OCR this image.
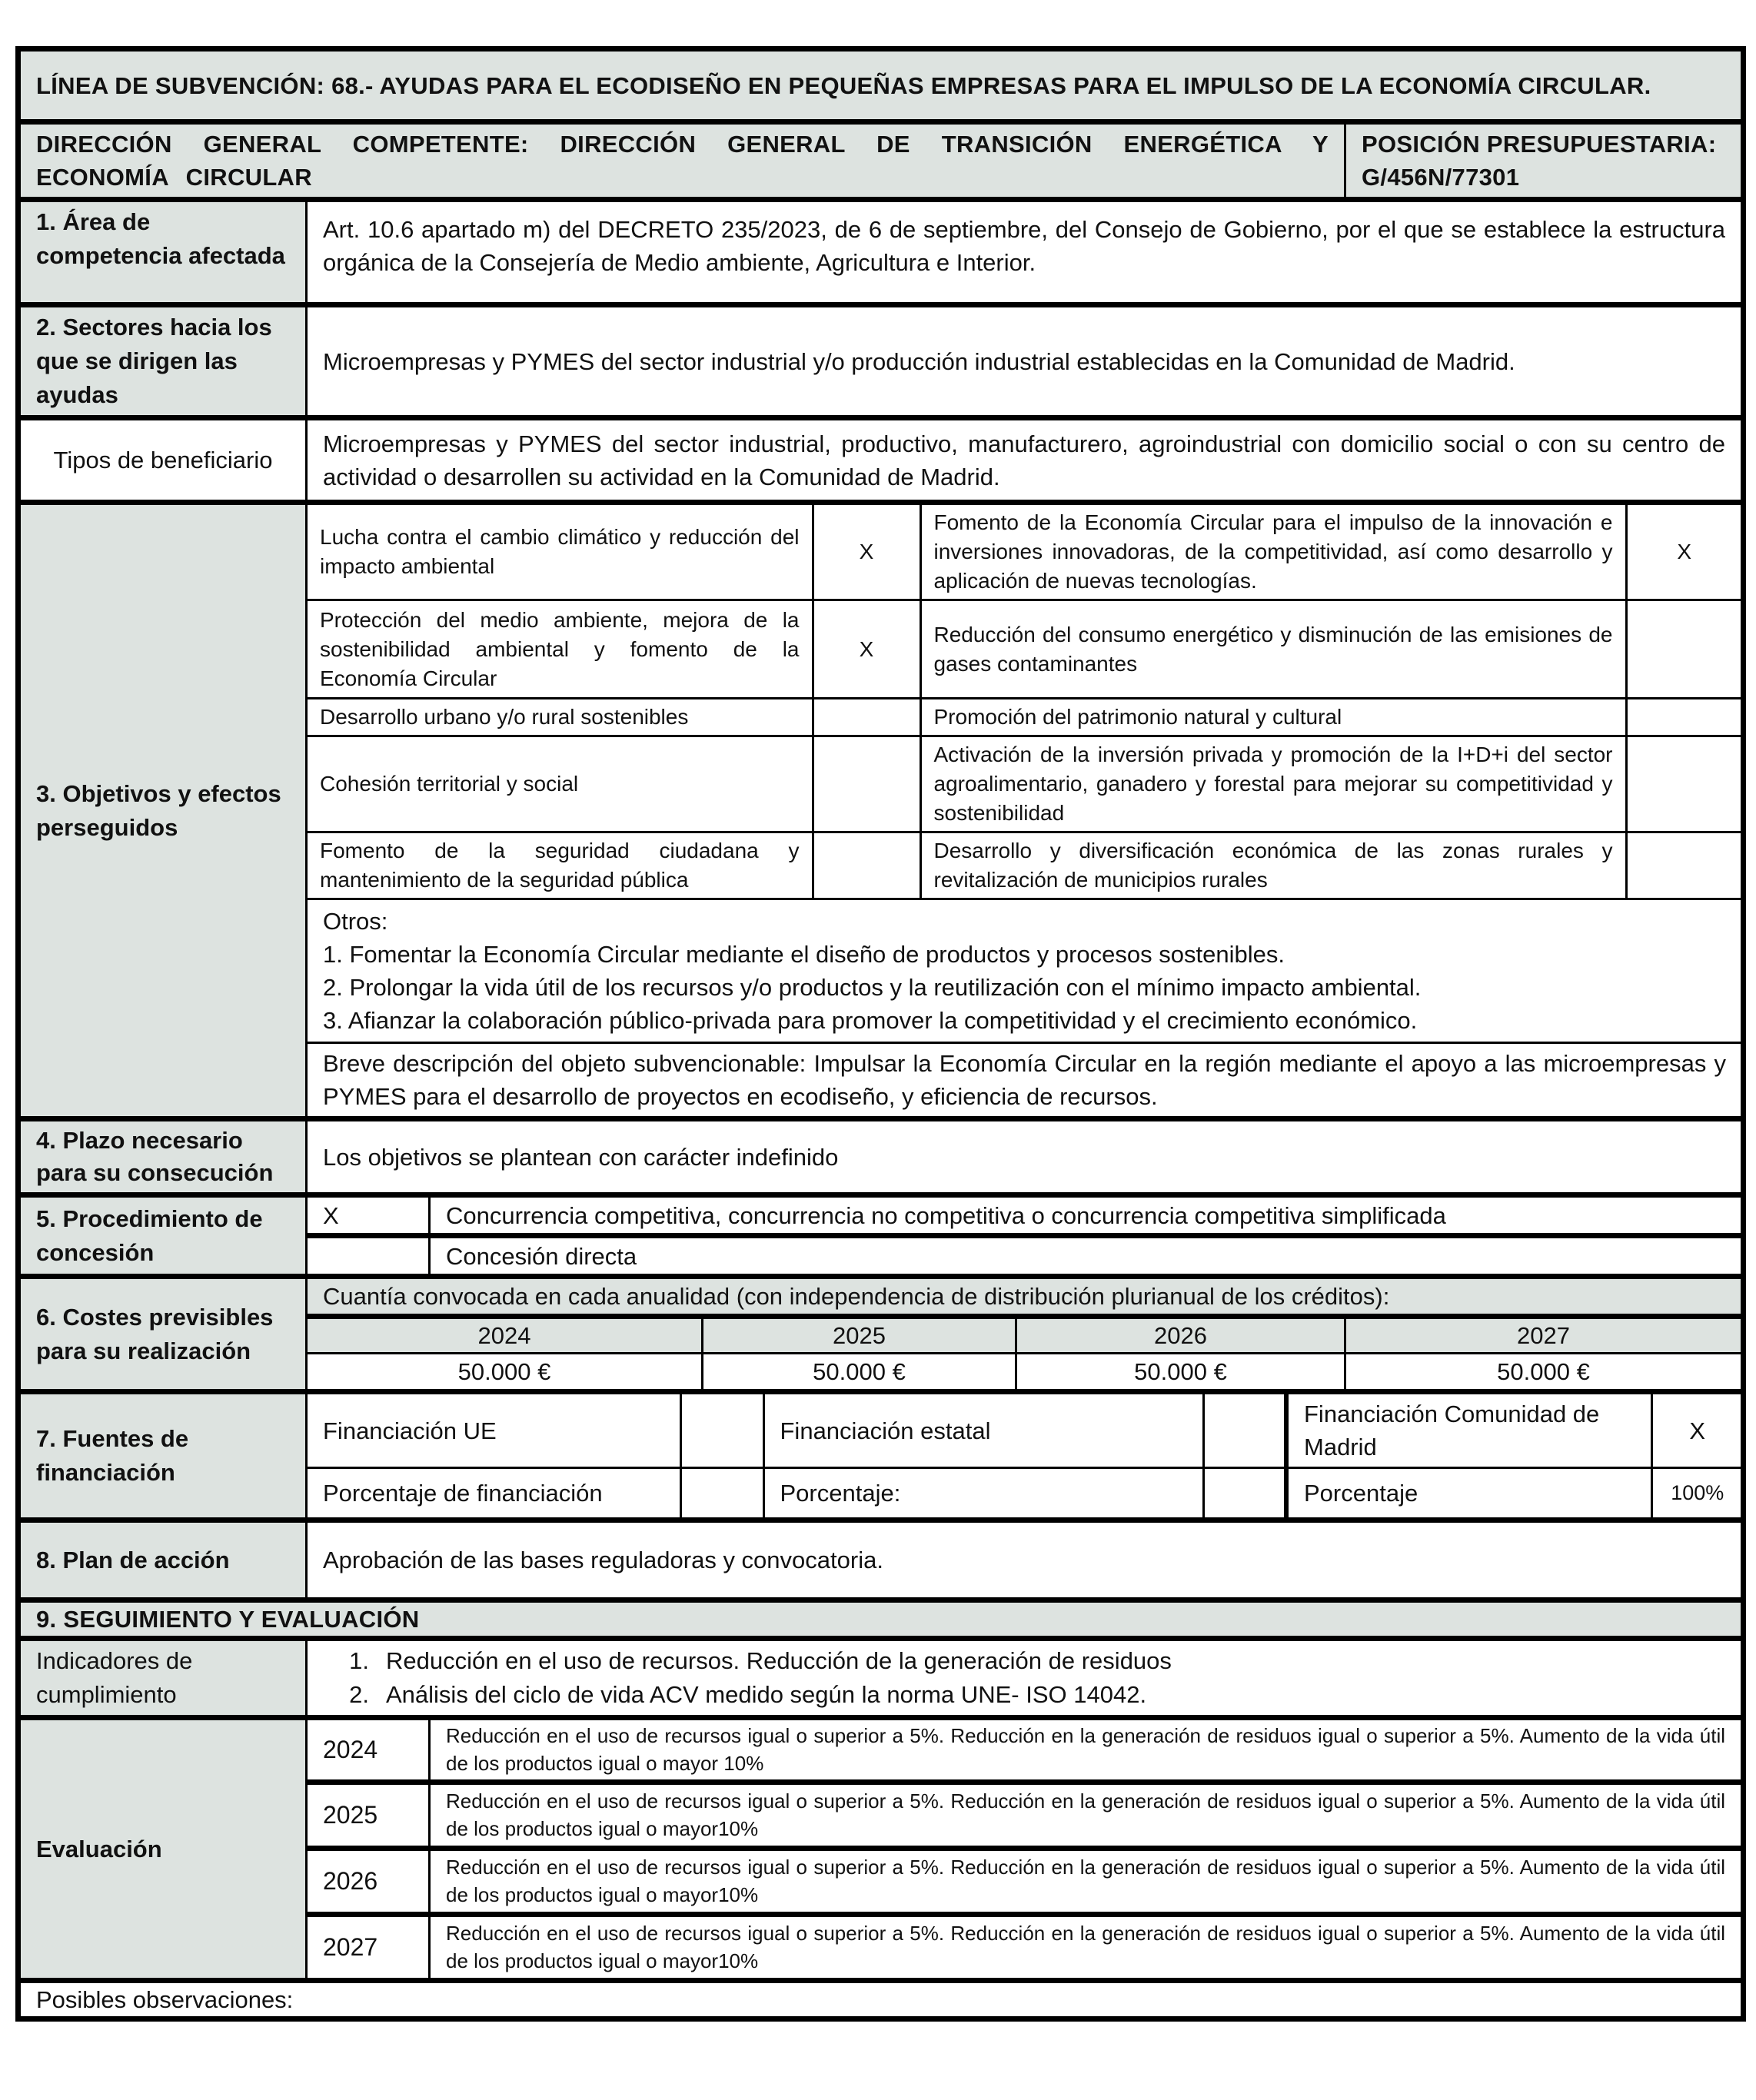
LÍNEA DE SUBVENCIÓN: 68.- AYUDAS PARA EL ECODISEÑO EN PEQUEÑAS EMPRESAS PARA EL IMPULSO DE LA ECONOMÍA CIRCULAR.
DIRECCIÓN GENERAL COMPETENTE: DIRECCIÓN GENERAL DE TRANSICIÓN ENERGÉTICA Y ECONOMÍA CIRCULAR	
POSICIÓN PRESUPUESTARIA:
G/456N/77301

1. Área de competencia afectada	Art. 10.6 apartado m) del DECRETO 235/2023, de 6 de septiembre, del Consejo de Gobierno, por el que se establece la estructura orgánica de la Consejería de Medio ambiente, Agricultura e Interior.
2. Sectores hacia los que se dirigen las ayudas	Microempresas y PYMES del sector industrial y/o producción industrial establecidas en la Comunidad de Madrid.
Tipos de beneficiario	Microempresas y PYMES del sector industrial, productivo, manufacturero, agroindustrial con domicilio social o con su centro de actividad o desarrollen su actividad en la Comunidad de Madrid.
3. Objetivos y efectos perseguidos	
Lucha contra el cambio climático y reducción del impacto ambiental	X	Fomento de la Economía Circular para el impulso de la innovación e inversiones innovadoras, de la competitividad, así como desarrollo y aplicación de nuevas tecnologías.	X
Protección del medio ambiente, mejora de la sostenibilidad ambiental y fomento de la Economía Circular	X	Reducción del consumo energético y disminución de las emisiones de gases contaminantes	
Desarrollo urbano y/o rural sostenibles		Promoción del patrimonio natural y cultural	
Cohesión territorial y social		Activación de la inversión privada y promoción de la I+D+i del sector agroalimentario, ganadero y forestal para mejorar su competitividad y sostenibilidad	
Fomento de la seguridad ciudadana y mantenimiento de la seguridad pública		Desarrollo y diversificación económica de las zonas rurales y revitalización de municipios rurales	

Otros:
1. Fomentar la Economía Circular mediante el diseño de productos y procesos sostenibles.
2. Prolongar la vida útil de los recursos y/o productos y la reutilización con el mínimo impacto ambiental.
3. Afianzar la colaboración público-privada para promover la competitividad y el crecimiento económico.

Breve descripción del objeto subvencionable: Impulsar la Economía Circular en la región mediante el apoyo a las microempresas y PYMES para el desarrollo de proyectos en ecodiseño, y eficiencia de recursos.

4. Plazo necesario para su consecución	Los objetivos se plantean con carácter indefinido
5. Procedimiento de concesión	X	Concurrencia competitiva, concurrencia no competitiva o concurrencia competitiva simplificada
	Concesión directa
6. Costes previsibles para su realización	Cuantía convocada en cada anualidad (con independencia de distribución plurianual de los créditos):
2024	2025	2026	2027
50.000 €	50.000 €	50.000 €	50.000 €
7. Fuentes de financiación	
Financiación UE		Financiación estatal		Financiación Comunidad de Madrid	X
Porcentaje de financiación		Porcentaje:		Porcentaje	100%

8. Plan de acción	Aprobación de las bases reguladoras y convocatoria.
9. SEGUIMIENTO Y EVALUACIÓN
Indicadores de cumplimiento	
1. Reducción en el uso de recursos. Reducción de la generación de residuos
2. Análisis del ciclo de vida ACV medido según la norma UNE- ISO 14042.

Evaluación	2024	Reducción en el uso de recursos igual o superior a 5%. Reducción en la generación de residuos igual o superior a 5%. Aumento de la vida útil de los productos igual o mayor 10%
2025	Reducción en el uso de recursos igual o superior a 5%. Reducción en la generación de residuos igual o superior a 5%. Aumento de la vida útil de los productos igual o mayor10%
2026	Reducción en el uso de recursos igual o superior a 5%. Reducción en la generación de residuos igual o superior a 5%. Aumento de la vida útil de los productos igual o mayor10%
2027	Reducción en el uso de recursos igual o superior a 5%. Reducción en la generación de residuos igual o superior a 5%. Aumento de la vida útil de los productos igual o mayor10%
Posibles observaciones:
